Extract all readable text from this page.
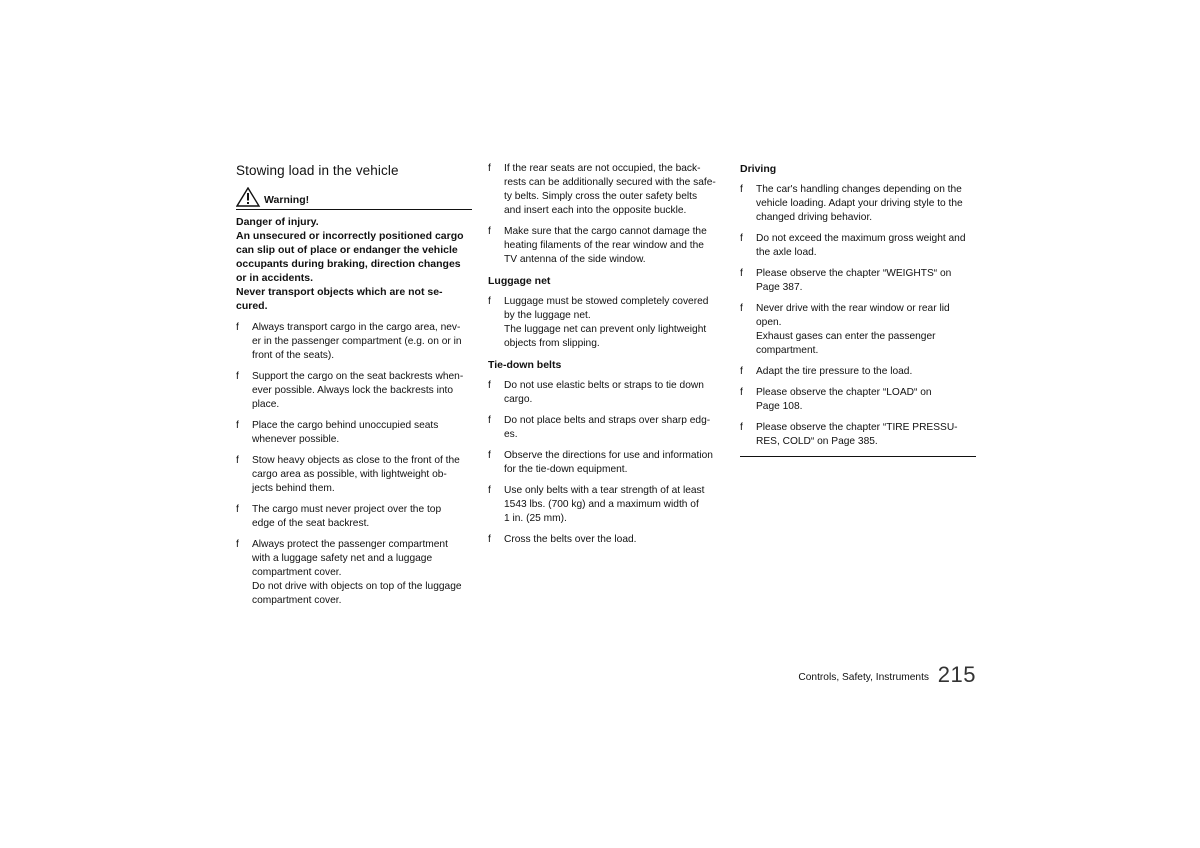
Stowing load in the vehicle
Warning!

Danger of injury.

An unsecured or incorrectly positioned cargo

can slip out of place or endanger the vehicle

occupants during braking, direction changes

or in accidents.

Never transport objects which are not se-

cured.

f Always transport cargo in the cargo area, nev-
er in the passenger compartment (e.g. on or in
front of the seats).
f Support the cargo on the seat backrests when-
ever possible. Always lock the backrests into
place.
f Place the cargo behind unoccupied seats
whenever possible.
f Stow heavy objects as close to the front of the
cargo area as possible, with lightweight ob-
jects behind them.
f The cargo must never project over the top
edge of the seat backrest.
f Always protect the passenger compartment
with a luggage safety net and a luggage
compartment cover.
Do not drive with objects on top of the luggage
compartment cover.
f If the rear seats are not occupied, the back-
rests can be additionally secured with the safe-
ty belts. Simply cross the outer safety belts
and insert each into the opposite buckle.
f Make sure that the cargo cannot damage the
heating filaments of the rear window and the
TV antenna of the side window.
Luggage net
f Luggage must be stowed completely covered
by the luggage net.
The luggage net can prevent only lightweight
objects from slipping.
Tie-down belts
f Do not use elastic belts or straps to tie down
cargo.
f Do not place belts and straps over sharp edg-
es.
f Observe the directions for use and information
for the tie-down equipment.
f Use only belts with a tear strength of at least
1543 lbs. (700 kg) and a maximum width of
1 in. (25 mm).
f Cross the belts over the load.
Driving
f The car's handling changes depending on the
vehicle loading. Adapt your driving style to the
changed driving behavior.
f Do not exceed the maximum gross weight and
the axle load.
f Please observe the chapter “WEIGHTS“ on
Page 387.
f Never drive with the rear window or rear lid
open.
Exhaust gases can enter the passenger
compartment.
f Adapt the tire pressure to the load.
f Please observe the chapter “LOAD“ on
Page 108.
f Please observe the chapter “TIRE PRESSU-
RES, COLD“ on Page 385.
Controls, Safety, Instruments 215
